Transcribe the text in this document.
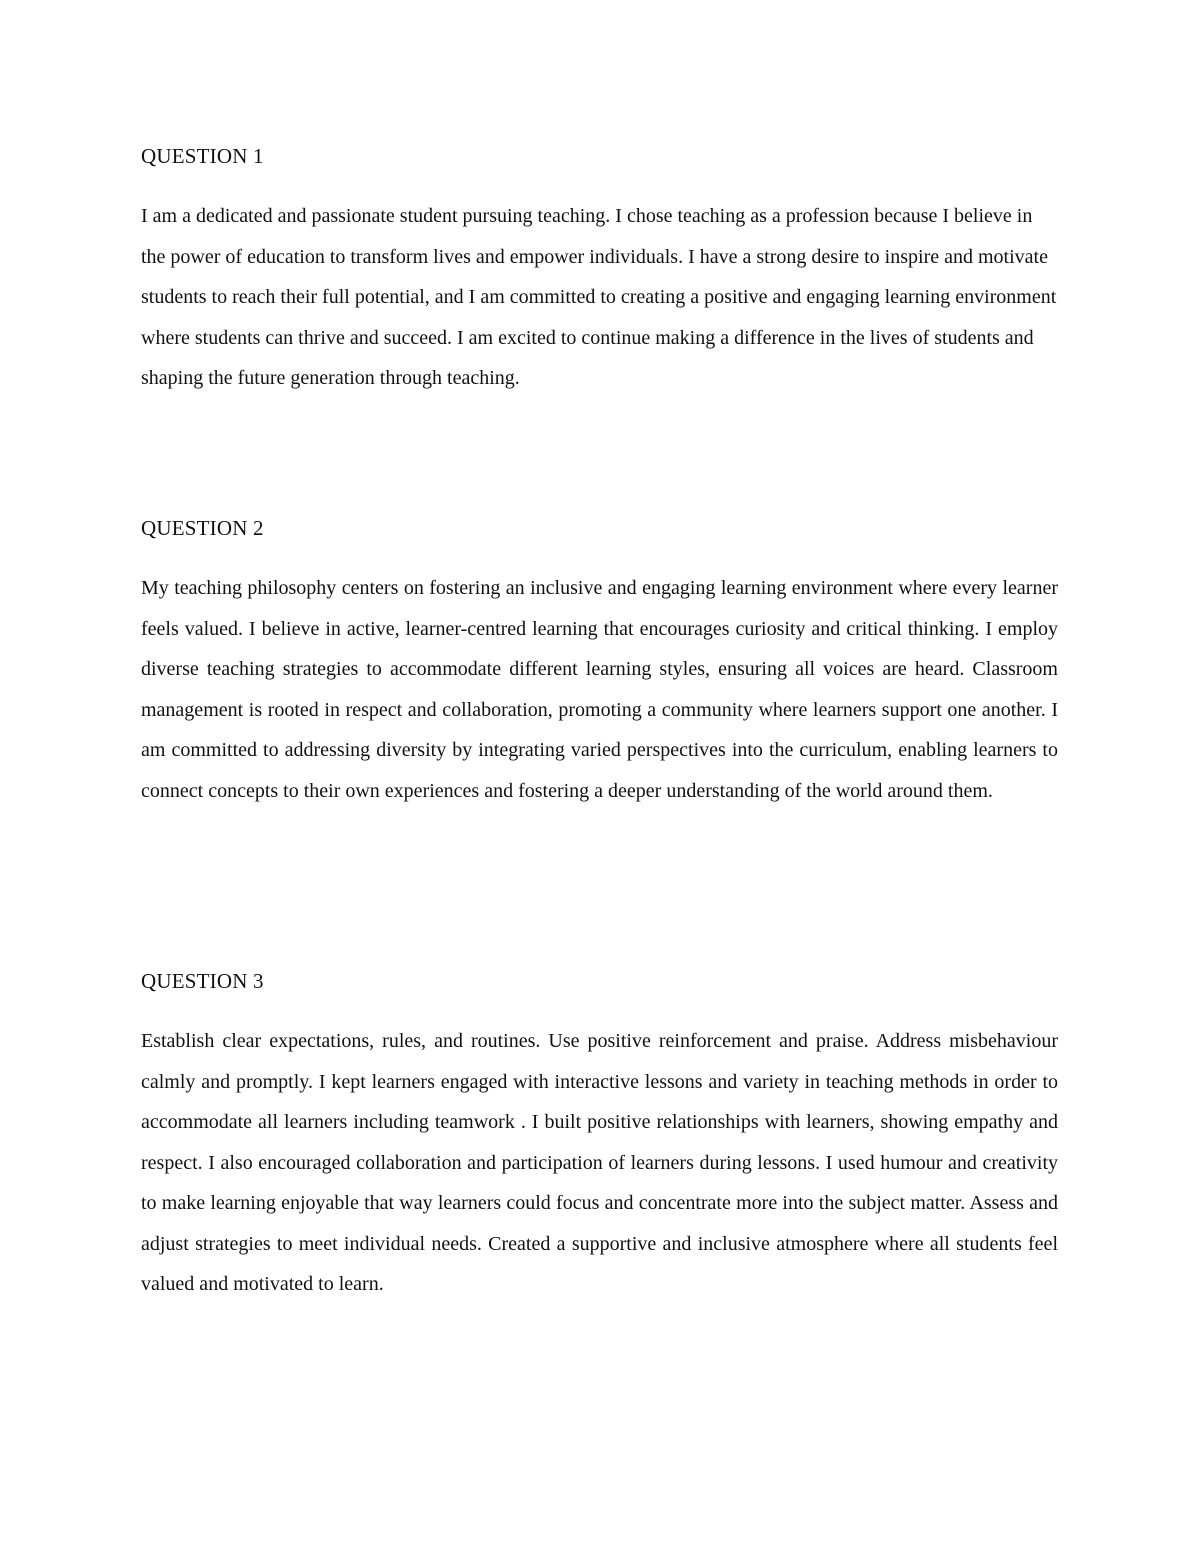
QUESTION 1

I am a dedicated and passionate student pursuing teaching. I chose teaching as a profession because I believe in the power of education to transform lives and empower individuals. I have a strong desire to inspire and motivate students to reach their full potential, and I am committed to creating a positive and engaging learning environment where students can thrive and succeed. I am excited to continue making a difference in the lives of students and shaping the future generation through teaching.

QUESTION 2

My teaching philosophy centers on fostering an inclusive and engaging learning environment where every learner feels valued. I believe in active, learner-centred learning that encourages curiosity and critical thinking. I employ diverse teaching strategies to accommodate different learning styles, ensuring all voices are heard. Classroom management is rooted in respect and collaboration, promoting a community where learners support one another. I am committed to addressing diversity by integrating varied perspectives into the curriculum, enabling learners to connect concepts to their own experiences and fostering a deeper understanding of the world around them.

QUESTION 3

Establish clear expectations, rules, and routines. Use positive reinforcement and praise. Address misbehaviour calmly and promptly. I kept learners engaged with interactive lessons and variety in teaching methods in order to accommodate all learners including teamwork . I built positive relationships with learners, showing empathy and respect. I also encouraged collaboration and participation of learners during lessons. I used humour and creativity to make learning enjoyable that way learners could focus and concentrate more into the subject matter. Assess and adjust strategies to meet individual needs. Created a supportive and inclusive atmosphere where all students feel valued and motivated to learn.
